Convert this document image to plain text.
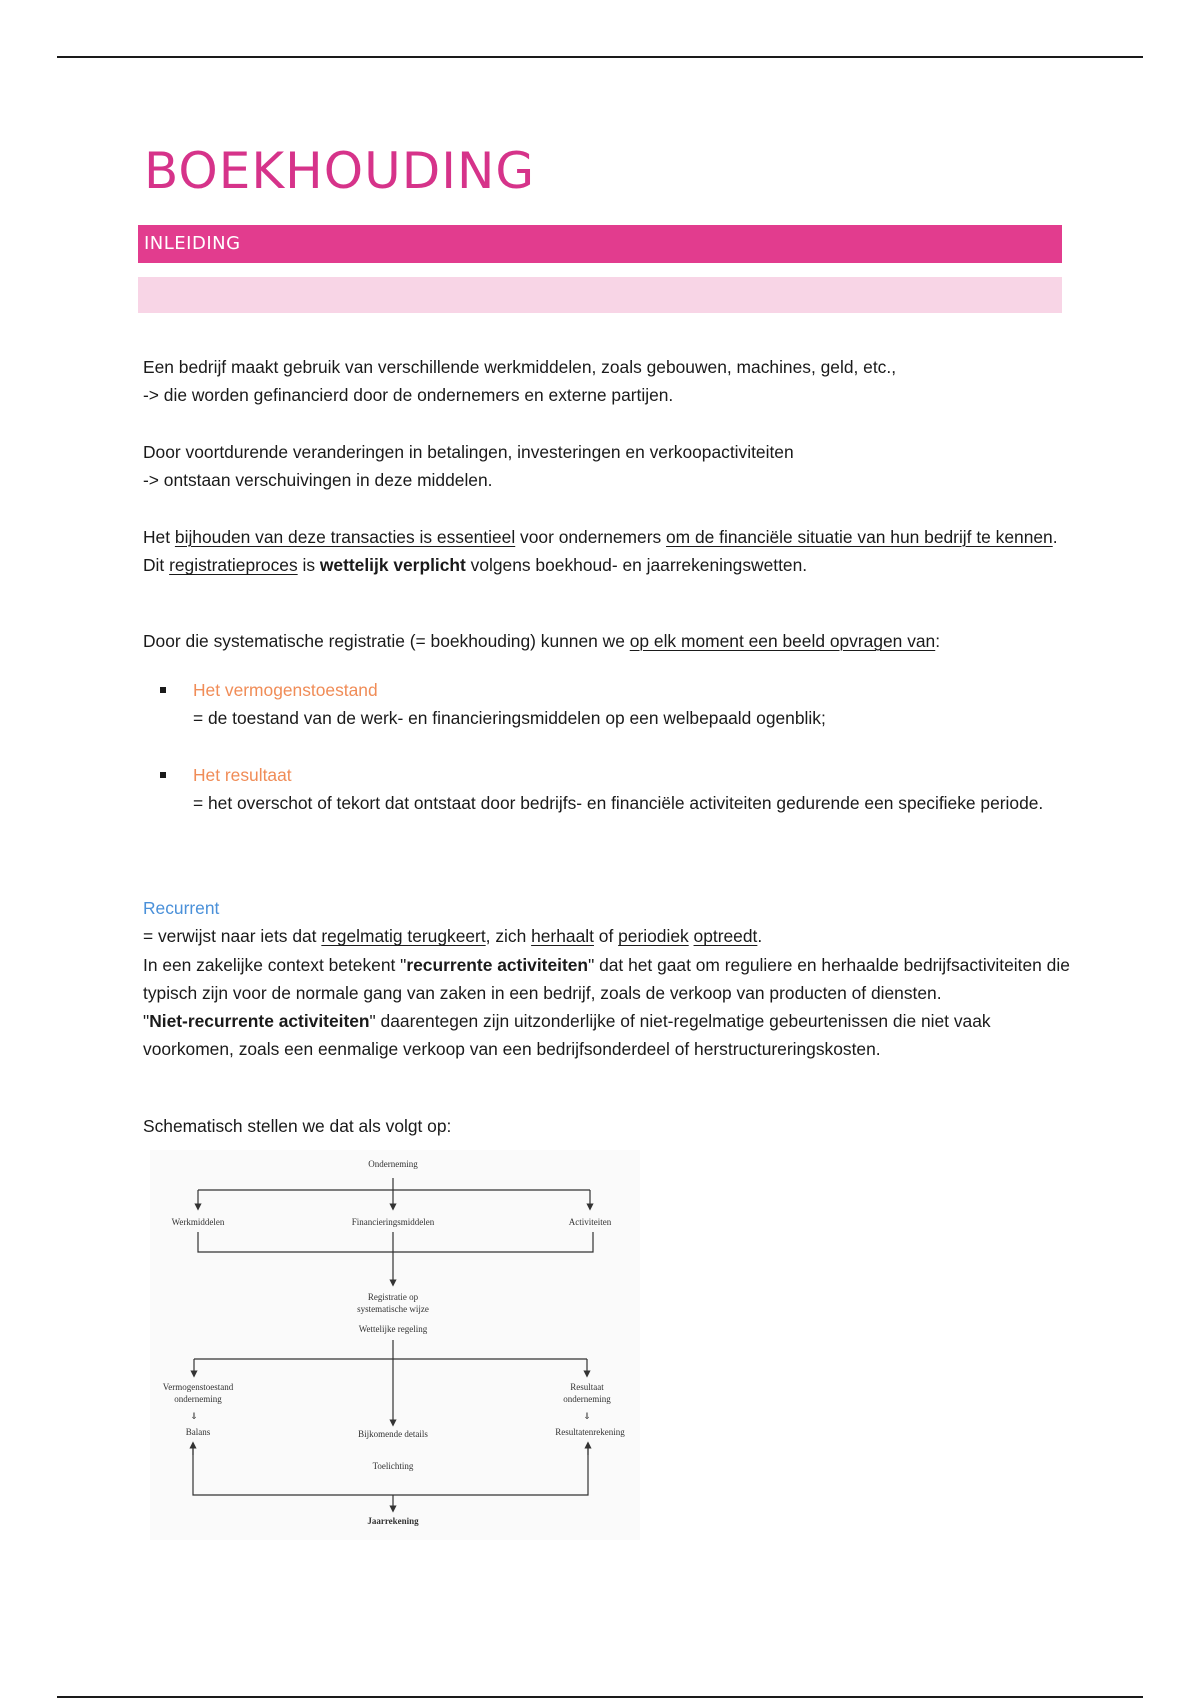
BOEKHOUDING
INLEIDING

Een bedrijf maakt gebruik van verschillende werkmiddelen, zoals gebouwen, machines, geld, etc.,

-> die worden gefinancierd door de ondernemers en externe partijen.

Door voortdurende veranderingen in betalingen, investeringen en verkoopactiviteiten

-> ontstaan verschuivingen in deze middelen.

Het bijhouden van deze transacties is essentieel voor ondernemers om de financiële situatie van hun bedrijf te kennen. Dit registratieproces is wettelijk verplicht volgens boekhoud- en jaarrekeningswetten.

Door die systematische registratie (= boekhouding) kunnen we op elk moment een beeld opvragen van:

Het vermogenstoestand
= de toestand van de werk- en financieringsmiddelen op een welbepaald ogenblik;
Het resultaat
= het overschot of tekort dat ontstaat door bedrijfs- en financiële activiteiten gedurende een specifieke periode.

Recurrent

= verwijst naar iets dat regelmatig terugkeert, zich herhaalt of periodiek optreedt.

In een zakelijke context betekent "recurrente activiteiten" dat het gaat om reguliere en herhaalde bedrijfsactiviteiten die typisch zijn voor de normale gang van zaken in een bedrijf, zoals de verkoop van producten of diensten.

"Niet-recurrente activiteiten" daarentegen zijn uitzonderlijke of niet-regelmatige gebeurtenissen die niet vaak voorkomen, zoals een eenmalige verkoop van een bedrijfsonderdeel of herstructureringskosten.

Schematisch stellen we dat als volgt op:

Onderneming
Werkmiddelen	Financieringsmiddelen	Activiteiten
Registratie op
systematische wijze
Wettelijke regeling
Vermogenstoestand
onderneming
Resultaat
onderneming
⇓	⇓
Balans	Bijkomende details	Resultatenrekening
Toelichting
Jaarrekening
